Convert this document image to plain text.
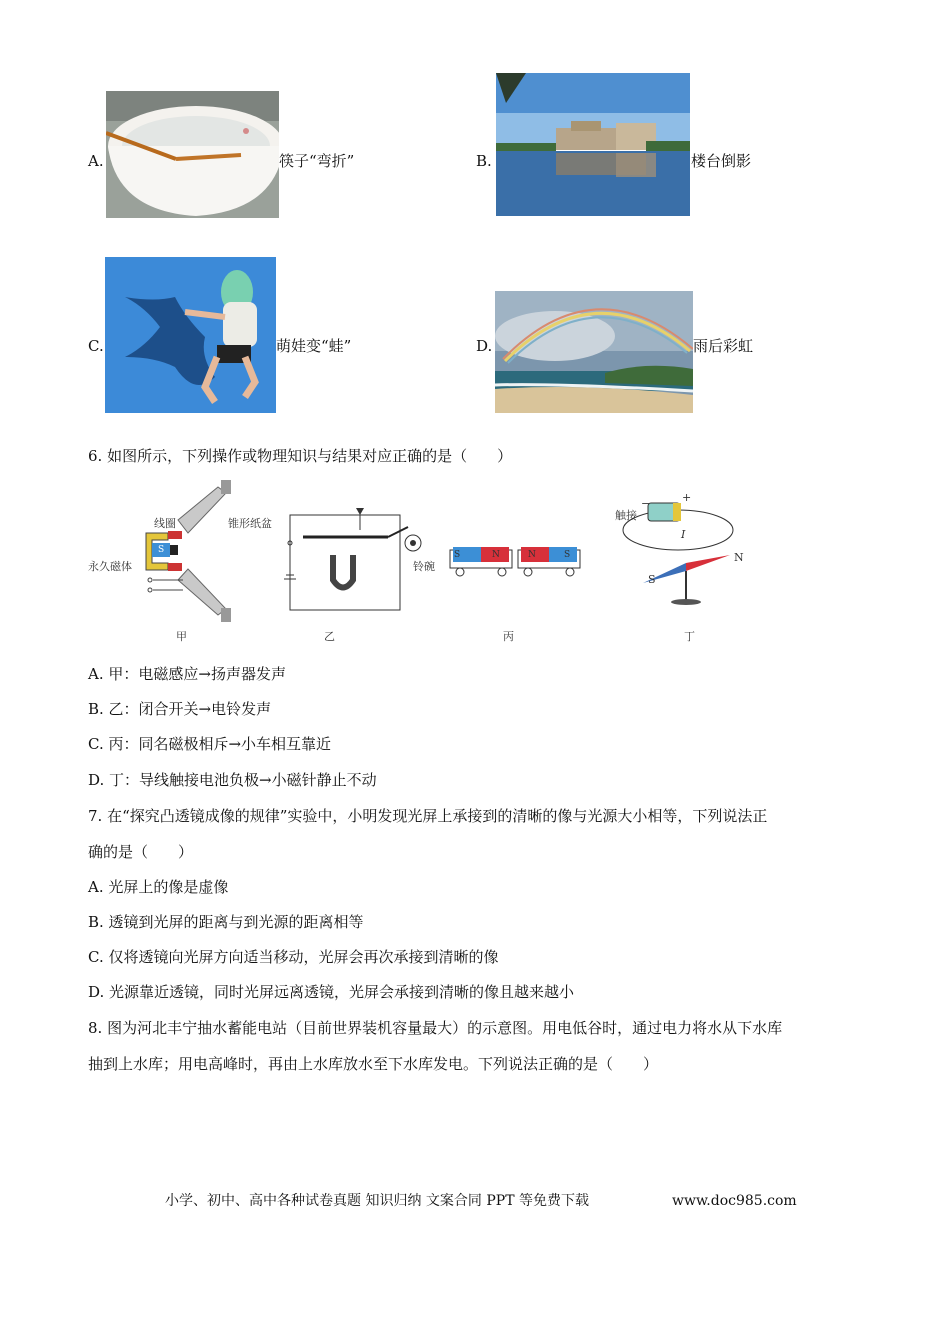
A.	筷子“弯折”	B.	楼台倒影
C.	萌娃变“蛙”	D.	雨后彩虹
6. 如图所示，下列操作或物理知识与结果对应正确的是（　　）
线圈	锥形纸盆
永久磁体	铃碗
触接
−	+
I
N
S
S	N	N	S
S
甲	乙	丙	丁
A. 甲：电磁感应→扬声器发声
B. 乙：闭合开关→电铃发声
C. 丙：同名磁极相斥→小车相互靠近
D. 丁：导线触接电池负极→小磁针静止不动
7. 在“探究凸透镜成像的规律”实验中，小明发现光屏上承接到的清晰的像与光源大小相等，下列说法正
确的是（　　）
A. 光屏上的像是虚像
B. 透镜到光屏的距离与到光源的距离相等
C. 仅将透镜向光屏方向适当移动，光屏会再次承接到清晰的像
D. 光源靠近透镜，同时光屏远离透镜，光屏会承接到清晰的像且越来越小
8. 图为河北丰宁抽水蓄能电站（目前世界装机容量最大）的示意图。用电低谷时，通过电力将水从下水库
抽到上水库；用电高峰时，再由上水库放水至下水库发电。下列说法正确的是（　　）
小学、初中、高中各种试卷真题 知识归纳 文案合同 PPT 等免费下载	www.doc985.com
